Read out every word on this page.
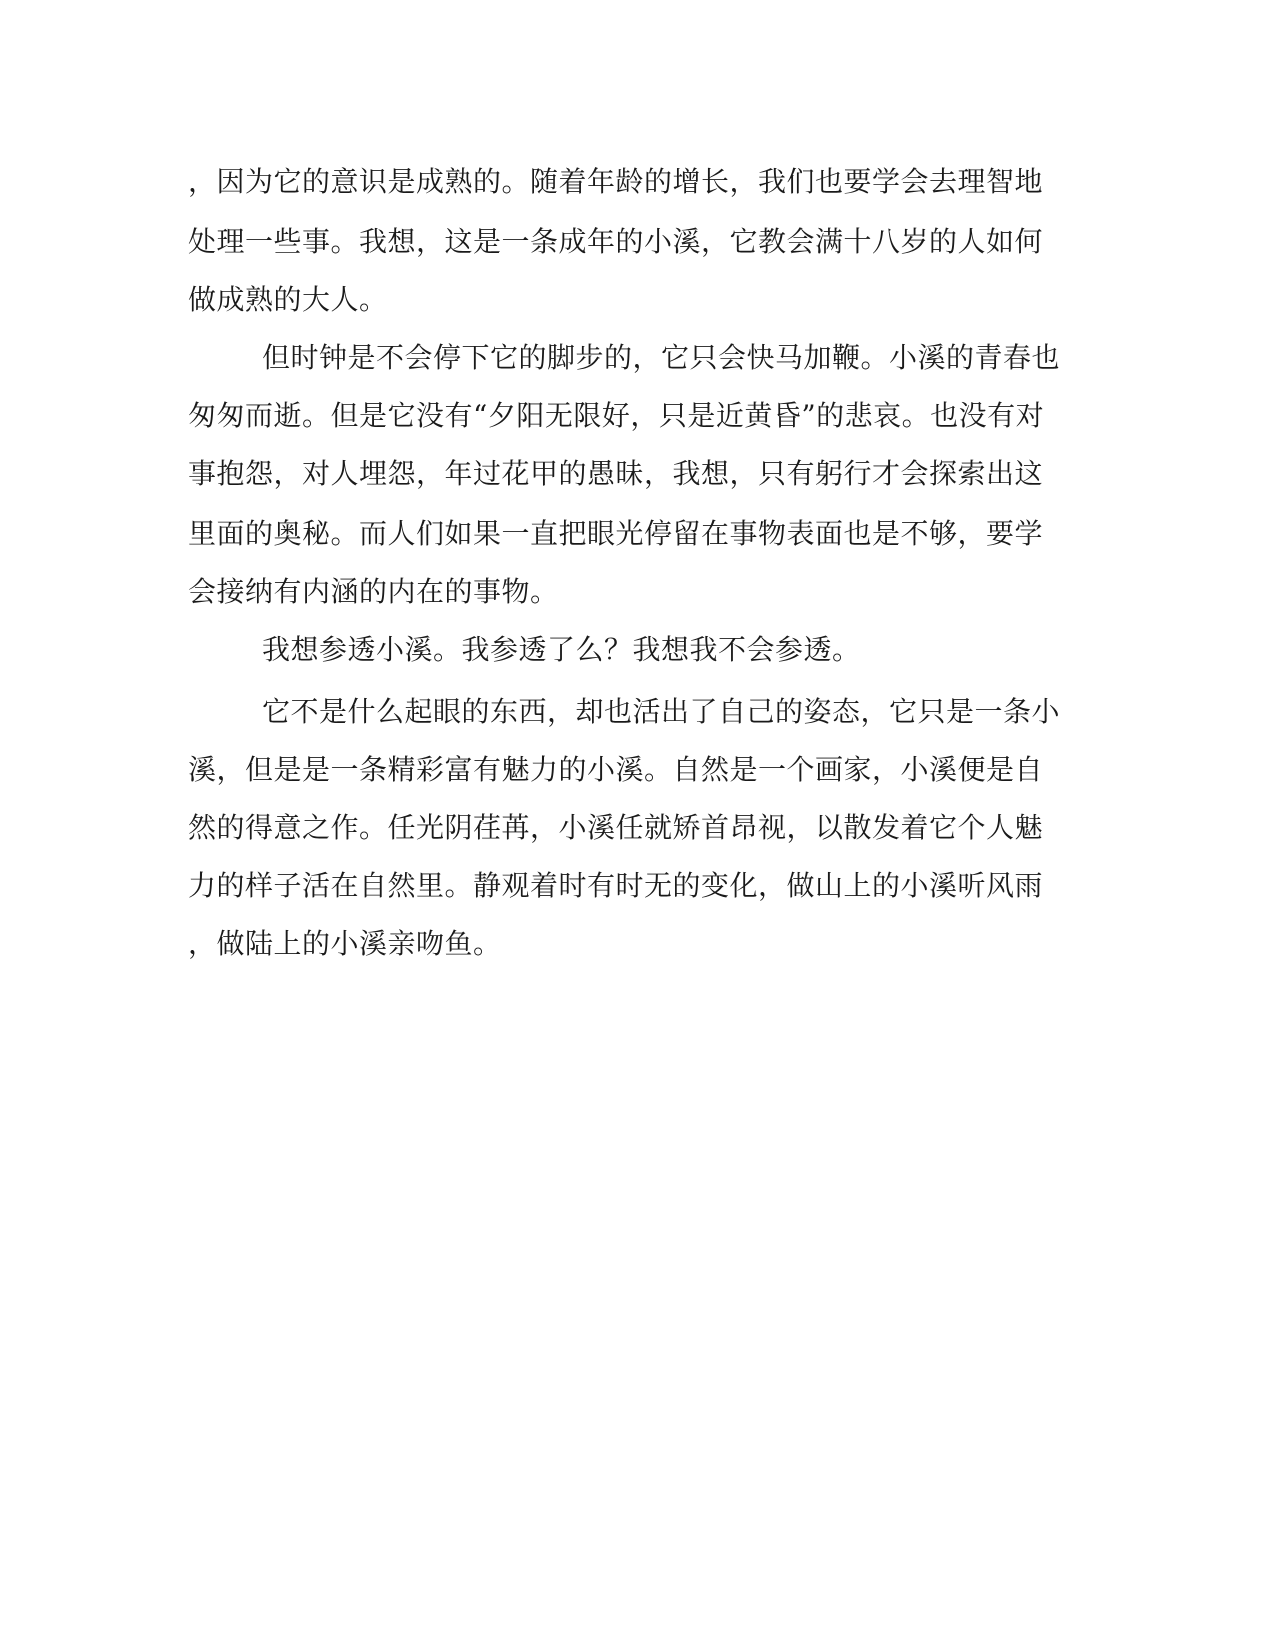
，因为它的意识是成熟的。随着年龄的增长，我们也要学会去理智地
处理一些事。我想，这是一条成年的小溪，它教会满十八岁的人如何
做成熟的大人。
但时钟是不会停下它的脚步的，它只会快马加鞭。小溪的青春也
匆匆而逝。但是它没有“夕阳无限好，只是近黄昏”的悲哀。也没有对
事抱怨，对人埋怨，年过花甲的愚昧，我想，只有躬行才会探索出这
里面的奥秘。而人们如果一直把眼光停留在事物表面也是不够，要学
会接纳有内涵的内在的事物。
我想参透小溪。我参透了么？我想我不会参透。
它不是什么起眼的东西，却也活出了自己的姿态，它只是一条小
溪，但是是一条精彩富有魅力的小溪。自然是一个画家，小溪便是自
然的得意之作。任光阴荏苒，小溪任就矫首昂视，以散发着它个人魅
力的样子活在自然里。静观着时有时无的变化，做山上的小溪听风雨
，做陆上的小溪亲吻鱼。
